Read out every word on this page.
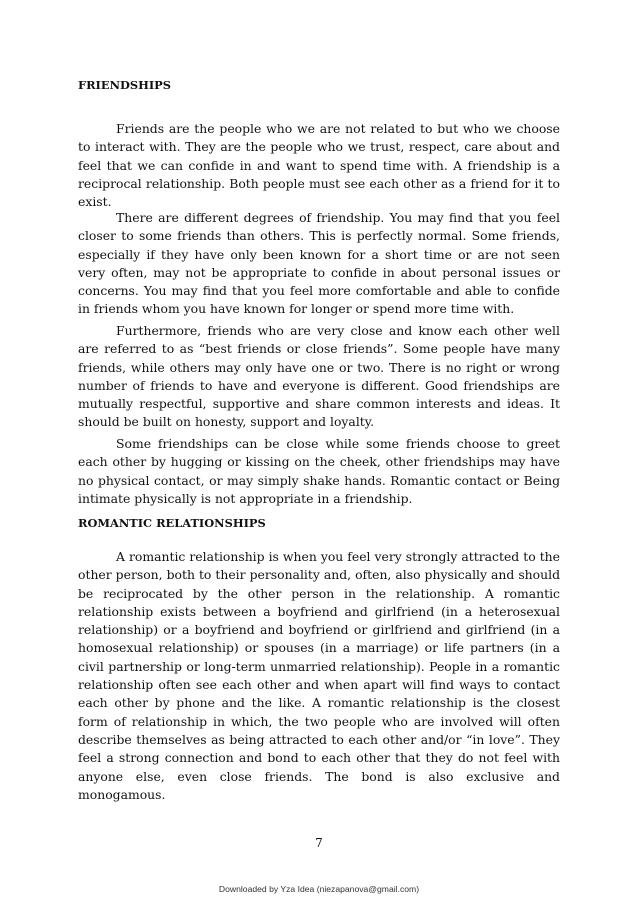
FRIENDSHIPS

Friends are the people who we are not related to but who we choose to interact with. They are the people who we trust, respect, care about and feel that we can confide in and want to spend time with. A friendship is a reciprocal relationship. Both people must see each other as a friend for it to exist.

There are different degrees of friendship. You may find that you feel closer to some friends than others. This is perfectly normal. Some friends, especially if they have only been known for a short time or are not seen very often, may not be appropriate to confide in about personal issues or concerns. You may find that you feel more comfortable and able to confide in friends whom you have known for longer or spend more time with.

Furthermore, friends who are very close and know each other well are referred to as “best friends or close friends”. Some people have many friends, while others may only have one or two. There is no right or wrong number of friends to have and everyone is different. Good friendships are mutually respectful, supportive and share common interests and ideas. It should be built on honesty, support and loyalty.

Some friendships can be close while some friends choose to greet each other by hugging or kissing on the cheek, other friendships may have no physical contact, or may simply shake hands. Romantic contact or Being intimate physically is not appropriate in a friendship.

ROMANTIC RELATIONSHIPS

A romantic relationship is when you feel very strongly attracted to the other person, both to their personality and, often, also physically and should be reciprocated by the other person in the relationship. A romantic relationship exists between a boyfriend and girlfriend (in a heterosexual relationship) or a boyfriend and boyfriend or girlfriend and girlfriend (in a homosexual relationship) or spouses (in a marriage) or life partners (in a civil partnership or long-term unmarried relationship). People in a romantic relationship often see each other and when apart will find ways to contact each other by phone and the like. A romantic relationship is the closest form of relationship in which, the two people who are involved will often describe themselves as being attracted to each other and/or “in love”. They feel a strong connection and bond to each other that they do not feel with anyone else, even close friends. The bond is also exclusive and monogamous.

7
Downloaded by Yza Idea (niezapanova@gmail.com)
